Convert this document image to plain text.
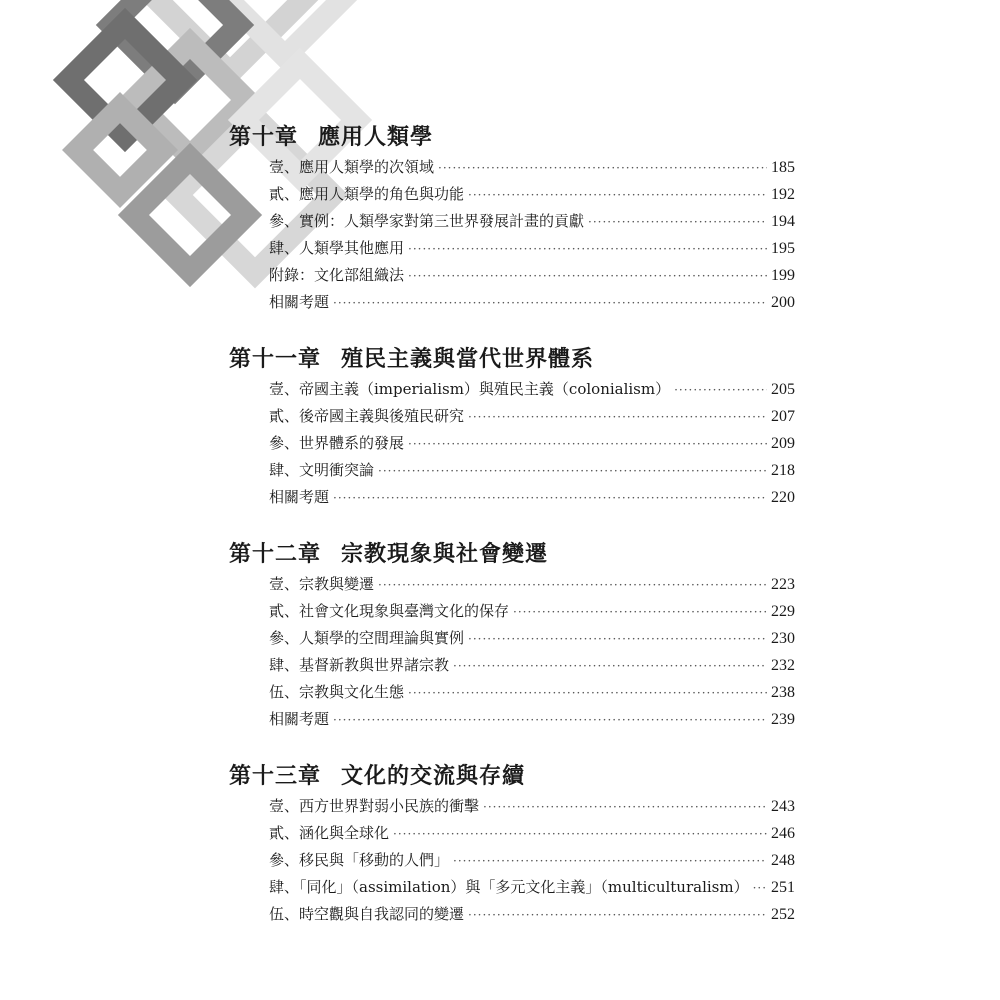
第十章 應用人類學
壹、應用人類學的次領域 ·····	185
貳、應用人類學的角色與功能 ·····	192
參、實例：人類學家對第三世界發展計畫的貢獻 ·····	194
肆、人類學其他應用 ·····	195
附錄：文化部組織法 ·····	199
相關考題 ·····	200
第十一章 殖民主義與當代世界體系
壹、帝國主義（imperialism）與殖民主義（colonialism） ·····	205
貳、後帝國主義與後殖民研究 ·····	207
參、世界體系的發展 ·····	209
肆、文明衝突論 ·····	218
相關考題 ·····	220
第十二章 宗教現象與社會變遷
壹、宗教與變遷 ·····	223
貳、社會文化現象與臺灣文化的保存 ·····	229
參、人類學的空間理論與實例 ·····	230
肆、基督新教與世界諸宗教 ·····	232
伍、宗教與文化生態 ·····	238
相關考題 ·····	239
第十三章 文化的交流與存續
壹、西方世界對弱小民族的衝擊 ·····	243
貳、涵化與全球化 ·····	246
參、移民與「移動的人們」 ·····	248
肆、「同化」（assimilation）與「多元文化主義」（multiculturalism） ····· 251
伍、時空觀與自我認同的變遷 ·····	252
